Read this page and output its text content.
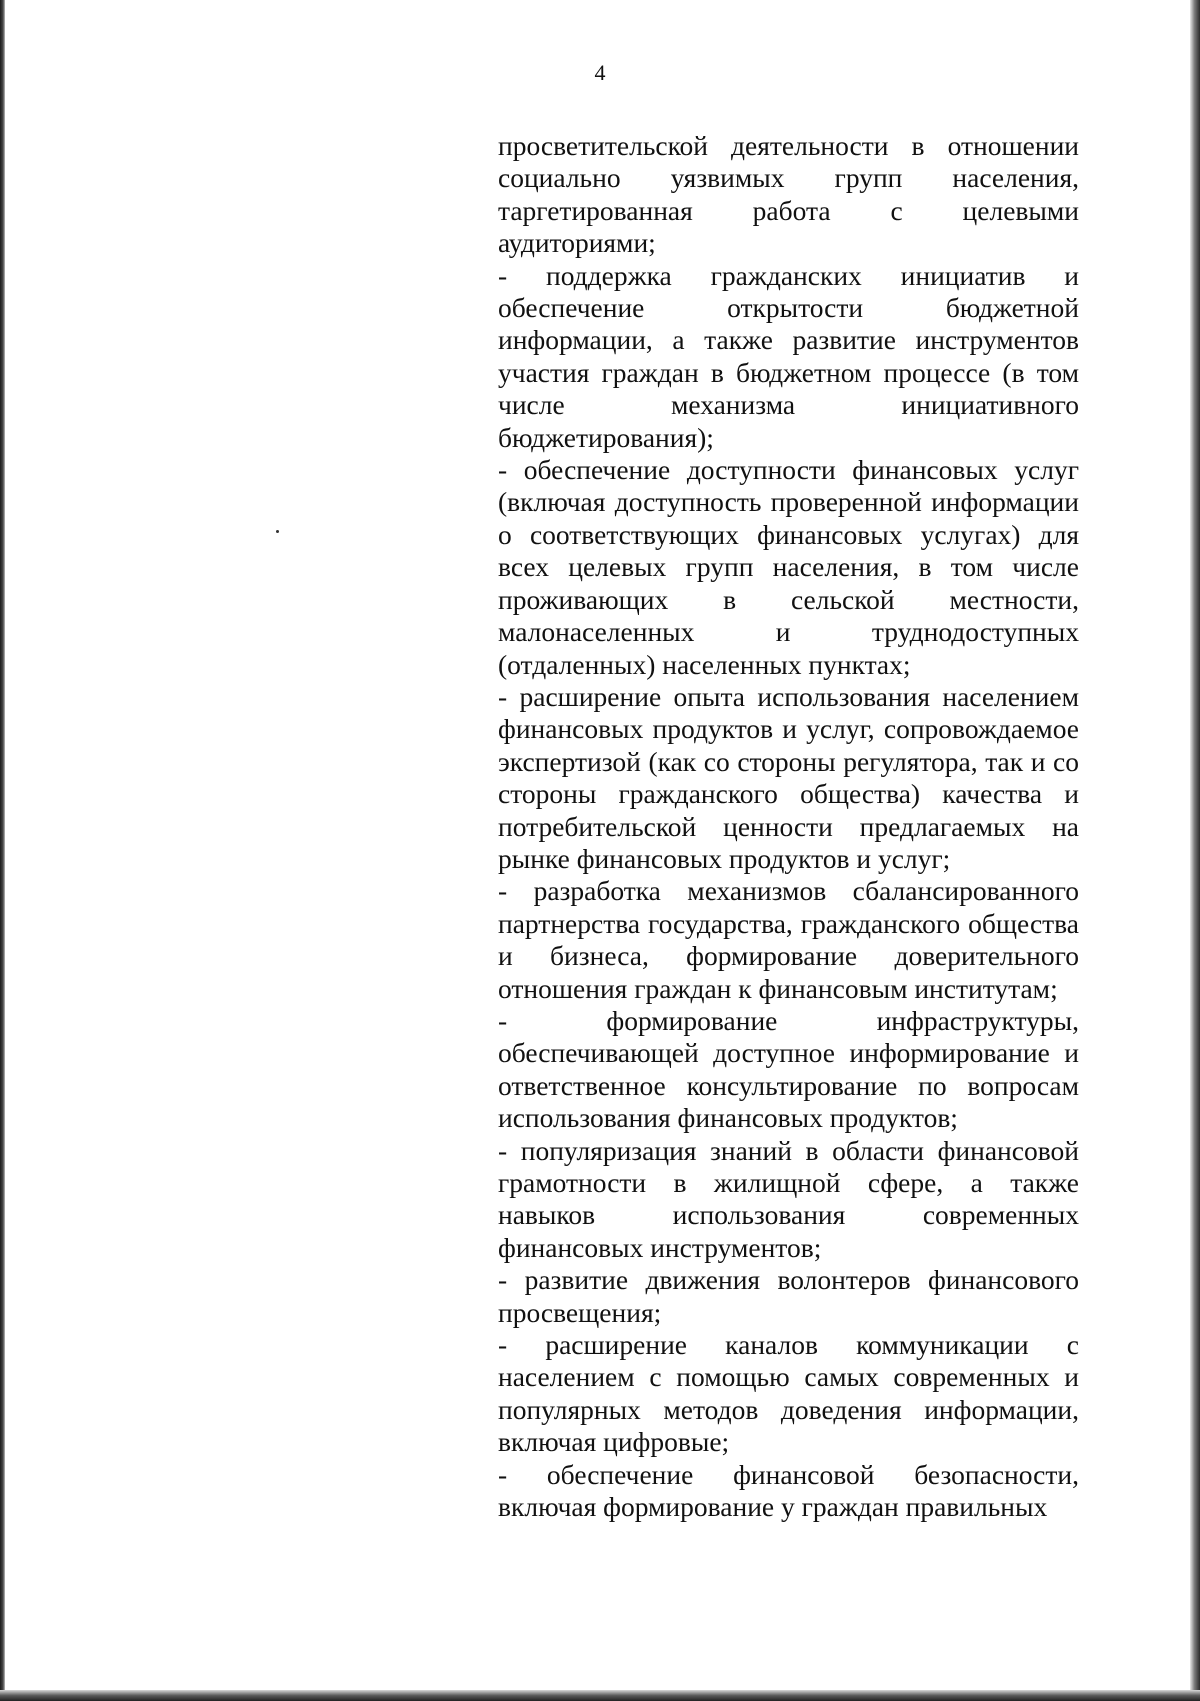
4

просветительской деятельности в отношении социально уязвимых групп населения, таргетированная работа с целевыми аудиториями;

- поддержка гражданских инициатив и обеспечение открытости бюджетной информации, а также развитие инструментов участия граждан в бюджетном процессе (в том числе механизма инициативного бюджетирования);

- обеспечение доступности финансовых услуг (включая доступность проверенной информации о соответствующих финансовых услугах) для всех целевых групп населения, в том числе проживающих в сельской местности, малонаселенных и труднодоступных (отдаленных) населенных пунктах;

- расширение опыта использования населением финансовых продуктов и услуг, сопровождаемое экспертизой (как со стороны регулятора, так и со стороны гражданского общества) качества и потребительской ценности предлагаемых на рынке финансовых продуктов и услуг;

- разработка механизмов сбалансированного партнерства государства, гражданского общества и бизнеса, формирование доверительного отношения граждан к финансовым институтам;

- формирование инфраструктуры, обеспечивающей доступное информирование и ответственное консультирование по вопросам использования финансовых продуктов;

- популяризация знаний в области финансовой грамотности в жилищной сфере, а также навыков использования современных финансовых инструментов;

- развитие движения волонтеров финансового просвещения;

- расширение каналов коммуникации с населением с помощью самых современных и популярных методов доведения информации, включая цифровые;

- обеспечение финансовой безопасности, включая формирование у граждан правильных
